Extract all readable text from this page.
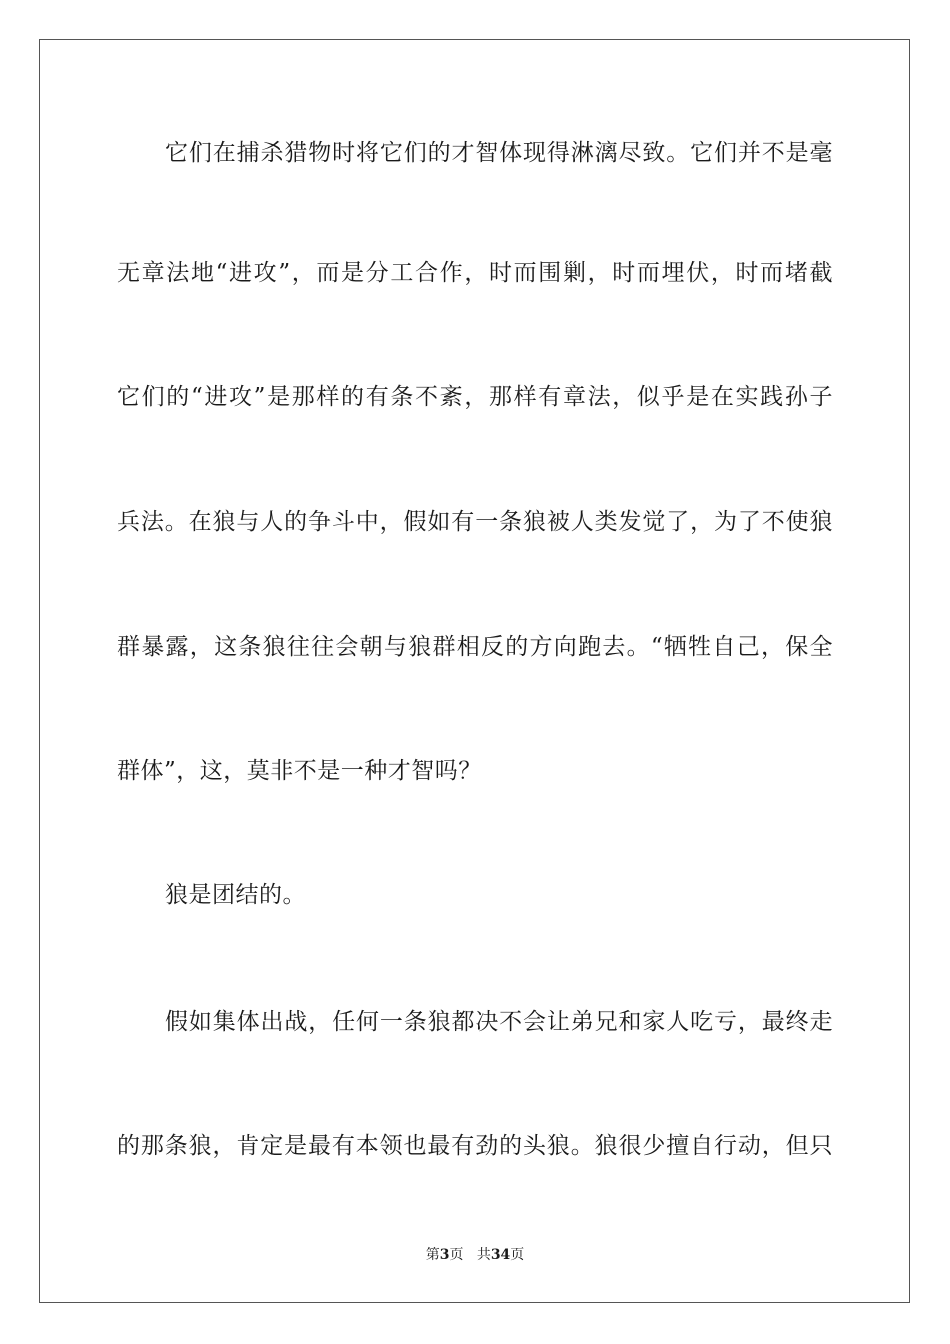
它们在捕杀猎物时将它们的才智体现得淋漓尽致。它们并不是毫
无章法地“进攻”，而是分工合作，时而围剿，时而埋伏，时而堵截
它们的“进攻”是那样的有条不紊，那样有章法，似乎是在实践孙子
兵法。在狼与人的争斗中，假如有一条狼被人类发觉了，为了不使狼
群暴露，这条狼往往会朝与狼群相反的方向跑去。“牺牲自己，保全
群体”，这，莫非不是一种才智吗？
狼是团结的。
假如集体出战，任何一条狼都决不会让弟兄和家人吃亏，最终走
的那条狼，肯定是最有本领也最有劲的头狼。狼很少擅自行动，但只
第3页 共34页
